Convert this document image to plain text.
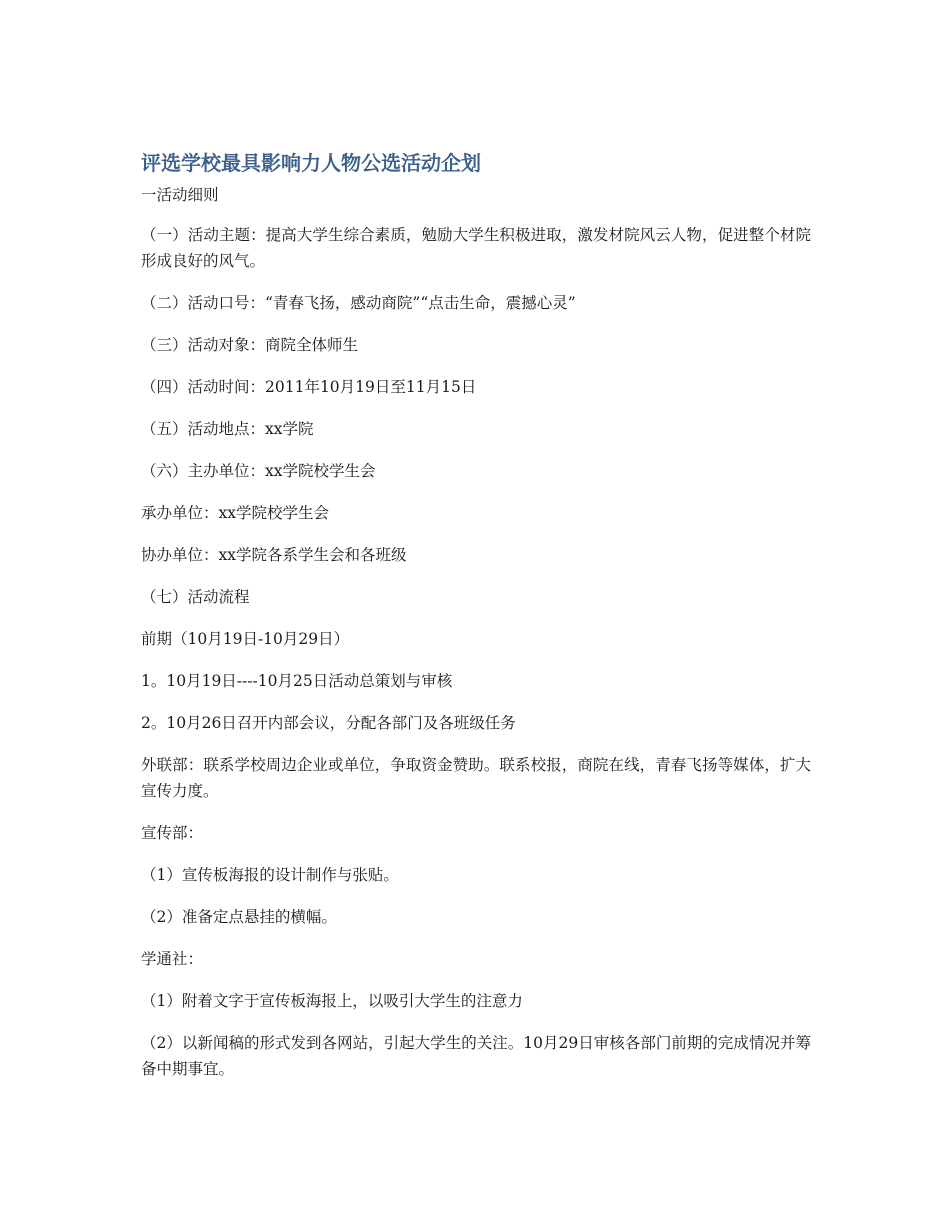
评选学校最具影响力人物公选活动企划

一活动细则

（一）活动主题：提高大学生综合素质，勉励大学生积极进取，激发材院风云人物，促进整个材院形成良好的风气。

（二）活动口号：“青春飞扬，感动商院”“点击生命，震撼心灵”

（三）活动对象：商院全体师生

（四）活动时间：2011年10月19日至11月15日

（五）活动地点：xx学院

（六）主办单位：xx学院校学生会

承办单位：xx学院校学生会

协办单位：xx学院各系学生会和各班级

（七）活动流程

前期（10月19日-10月29日）

1。10月19日----10月25日活动总策划与审核

2。10月26日召开内部会议，分配各部门及各班级任务

外联部：联系学校周边企业或单位，争取资金赞助。联系校报，商院在线，青春飞扬等媒体，扩大宣传力度。

宣传部：

（1）宣传板海报的设计制作与张贴。

（2）准备定点悬挂的横幅。

学通社：

（1）附着文字于宣传板海报上，以吸引大学生的注意力

（2）以新闻稿的形式发到各网站，引起大学生的关注。10月29日审核各部门前期的完成情况并筹备中期事宜。
